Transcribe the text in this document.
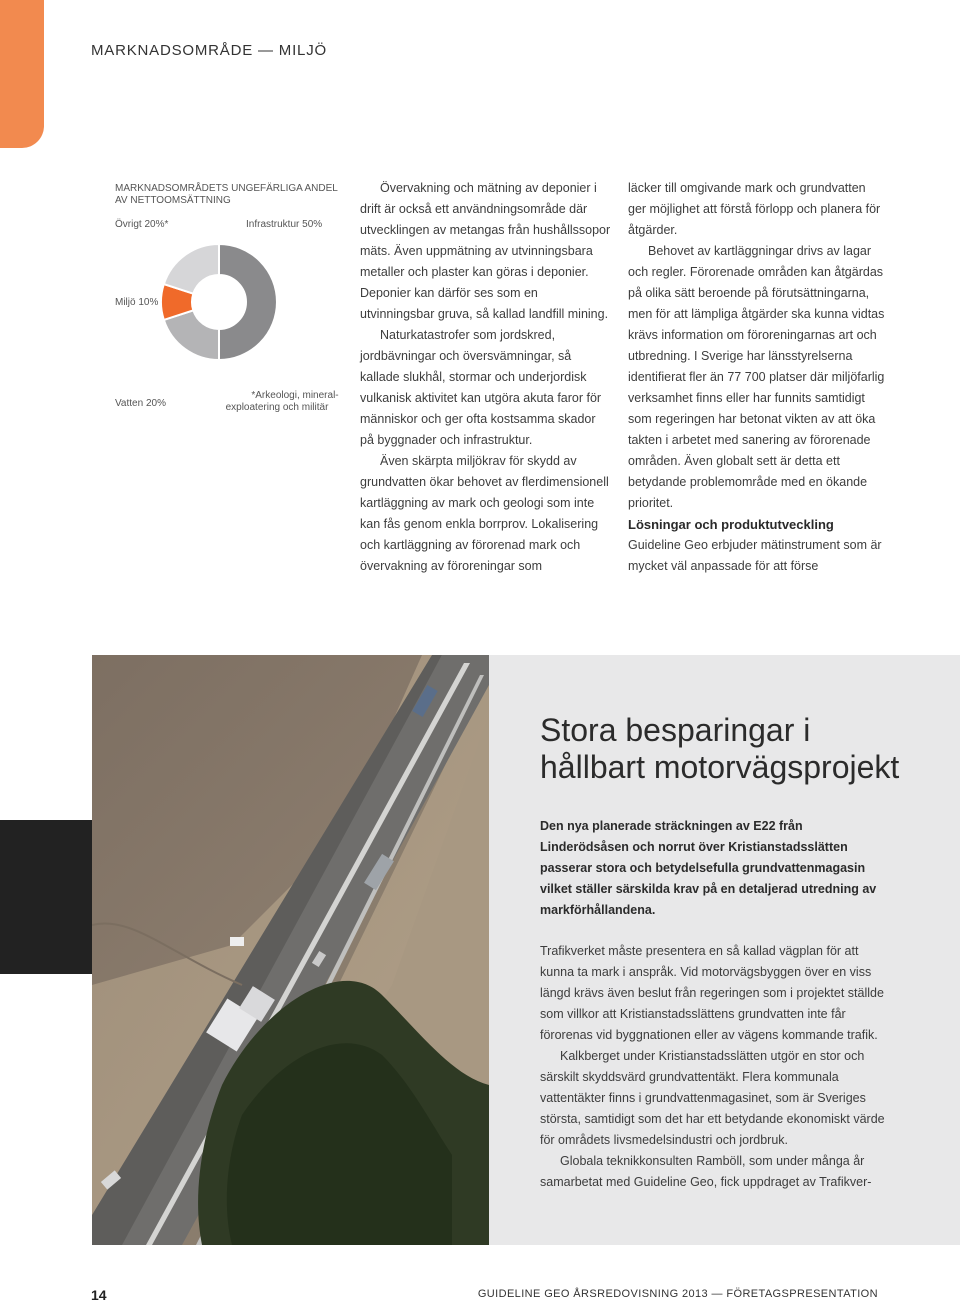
MARKNADSOMRÅDE — MILJÖ
MARKNADSOMRÅDETS UNGEFÄRLIGA ANDEL
AV NETTOOMSÄTTNING
Infrastruktur 50%
Vatten 20%
Miljö 10%
Övrigt 20%*
*Arkeologi, mineral-
exploatering och militär

Övervakning och mätning av deponier i drift är också ett användningsområde där utvecklingen av metangas från hushållssopor mäts. Även uppmätning av utvinningsbara metaller och plaster kan göras i deponier. Deponier kan därför ses som en utvinningsbar gruva, så kallad landfill mining.

Naturkatastrofer som jordskred, jordbävningar och översvämningar, så kallade slukhål, stormar och underjordisk vulkanisk aktivitet kan utgöra akuta faror för människor och ger ofta kostsamma skador på byggnader och infrastruktur.

Även skärpta miljökrav för skydd av grundvatten ökar behovet av flerdimensionell kartläggning av mark och geologi som inte kan fås genom enkla borrprov. Lokalisering och kartläggning av förorenad mark och övervakning av föroreningar som

läcker till omgivande mark och grundvatten ger möjlighet att förstå förlopp och planera för åtgärder.

Behovet av kartläggningar drivs av lagar och regler. Förorenade områden kan åtgärdas på olika sätt beroende på förutsättningarna, men för att lämpliga åtgärder ska kunna vidtas krävs information om föroreningarnas art och utbredning. I Sverige har länsstyrelserna identifierat fler än 77 700 platser där miljöfarlig verksamhet finns eller har funnits samtidigt som regeringen har betonat vikten av att öka takten i arbetet med sanering av förorenade områden. Även globalt sett är detta ett betydande problemområde med en ökande prioritet.

Lösningar och produktutveckling

Guideline Geo erbjuder mätinstrument som är mycket väl anpassade för att förse

Stora besparingar i
hållbart motorvägsprojekt
Den nya planerade sträckningen av E22 från Linderödsåsen och norrut över Kristianstadsslätten passerar stora och betydelsefulla grundvattenmagasin vilket ställer särskilda krav på en detaljerad utredning av markförhållandena.

Trafikverket måste presentera en så kallad vägplan för att kunna ta mark i anspråk. Vid motorvägsbyggen över en viss längd krävs även beslut från regeringen som i projektet ställde som villkor att Kristianstadsslättens grundvatten inte får förorenas vid byggnationen eller av vägens kommande trafik.

Kalkberget under Kristianstadsslätten utgör en stor och särskilt skyddsvärd grundvattentäkt. Flera kommunala vattentäkter finns i grundvattenmagasinet, som är Sveriges största, samtidigt som det har ett betydande ekonomiskt värde för områdets livsmedelsindustri och jordbruk.

Globala teknikkonsulten Ramböll, som under många år samarbetat med Guideline Geo, fick uppdraget av Trafikver-

14	GUIDELINE GEO ÅRSREDOVISNING 2013 — FÖRETAGSPRESENTATION
